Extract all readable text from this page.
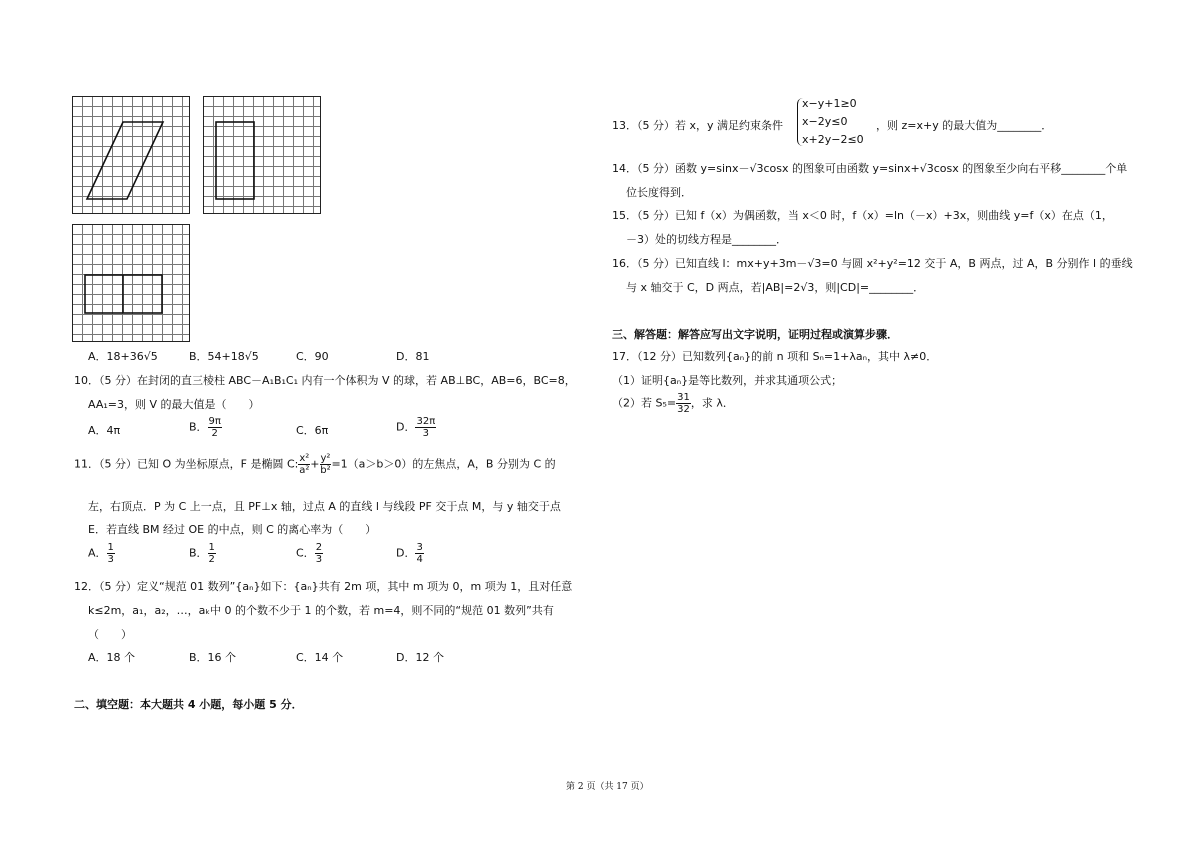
A．18+36√5	B．54+18√5	C．90	D．81
10．（5 分）在封闭的直三棱柱 ABC－A₁B₁C₁ 内有一个体积为 V 的球，若 AB⊥BC，AB=6，BC=8，
AA₁=3，则 V 的最大值是（　　）
A．4π	B． $\frac{9\pi}{2}$	C．6π	D． $\frac{32\pi}{3}$
11．（5 分）已知 O 为坐标原点，F 是椭圆 C: $\frac{\text{x²}}{\text{a²}} + \frac{\text{y²}}{\text{b²}} =1(a>b>0)$的左焦点，A，B 分别为 C 的
左，右顶点．P 为 C 上一点，且 PF⊥x 轴，过点 A 的直线 l 与线段 PF 交于点 M，与 y 轴交于点
E．若直线 BM 经过 OE 的中点，则 C 的离心率为（　　）
A． $\frac{1}{3}$	B． $\frac{1}{2}$	C． $\frac{2}{3}$	D． $\frac{3}{4}$
12．（5 分）定义“规范 01 数列”{aₙ}如下：{aₙ}共有 2m 项，其中 m 项为 0，m 项为 1，且对任意
k≤2m，a₁，a₂，…，aₖ中 0 的个数不少于 1 的个数，若 m=4，则不同的“规范 01 数列”共有
（　　）
A．18 个	B．16 个	C．14 个	D．12 个
二、填空题：本大题共 4 小题，每小题 5 分．
13．（5 分）若 x，y 满足约束条件
x−y+1≥0
x−2y≤0
x+2y−2≤0
，则 z=x+y 的最大值为________．
14．（5 分）函数 y=sinx－√3cosx 的图象可由函数 y=sinx+√3cosx 的图象至少向右平移________个单
位长度得到．
15．（5 分）已知 f（x）为偶函数，当 x＜0 时，f（x）=ln（－x）+3x，则曲线 y=f（x）在点（1，
－3）处的切线方程是________．
16．（5 分）已知直线 l：mx+y+3m－√3=0 与圆 x²+y²=12 交于 A，B 两点，过 A，B 分别作 l 的垂线
与 x 轴交于 C，D 两点，若|AB|=2√3，则|CD|=________．
三、解答题：解答应写出文字说明，证明过程或演算步骤．
17．（12 分）已知数列{aₙ}的前 n 项和 Sₙ=1+λaₙ，其中 λ≠0．
（1）证明{aₙ}是等比数列，并求其通项公式；
（2）若 $S_5= \frac{31}{32}$ ，求 λ．
第 2 页（共 17 页）
